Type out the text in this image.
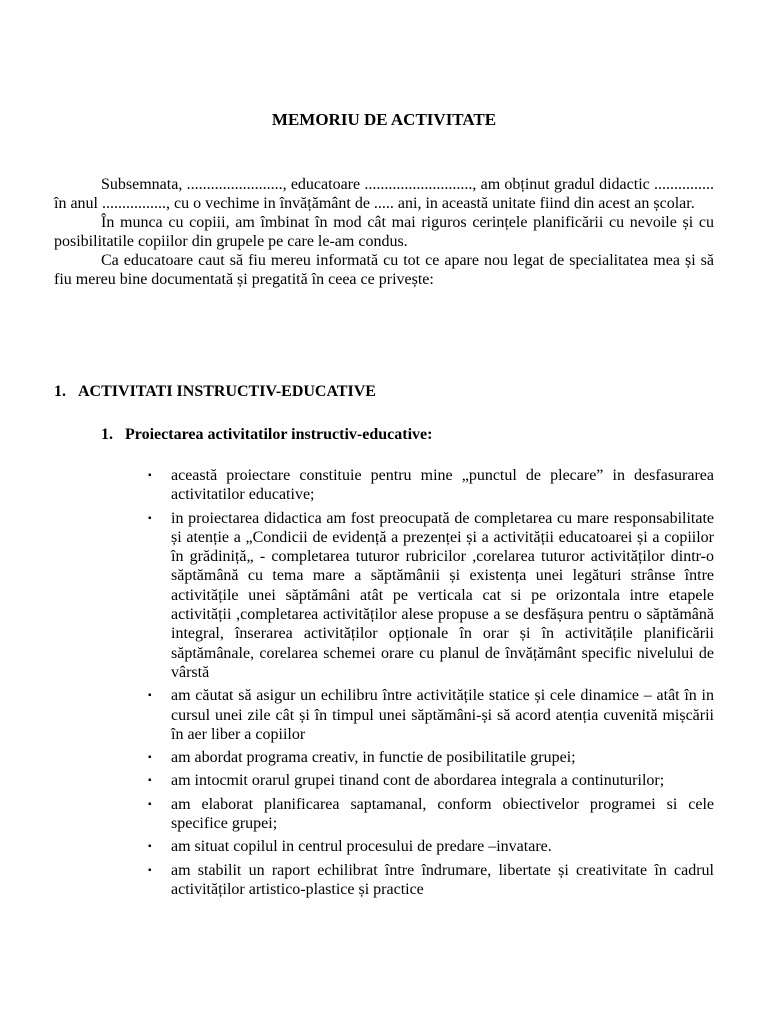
MEMORIU DE ACTIVITATE

Subsemnata, ........................, educatoare ..........................., am obținut gradul didactic ............... în anul ................, cu o vechime in învățământ de ..... ani, in această unitate fiind din acest an școlar.

În munca cu copiii, am îmbinat în mod cât mai riguros cerințele planificării cu nevoile și cu posibilitatile copiilor din grupele pe care le-am condus.

Ca educatoare caut să fiu mereu informată cu tot ce apare nou legat de specialitatea mea și să fiu mereu bine documentată și pregatită în ceea ce privește:

1. ACTIVITATI INSTRUCTIV-EDUCATIVE
1. Proiectarea activitatilor instructiv-educative:
▪ această proiectare constituie pentru mine „punctul de plecare” in desfasurarea activitatilor educative;
▪ in proiectarea didactica am fost preocupată de completarea cu mare responsabilitate și atenție a „Condicii de evidență a prezenței și a activității educatoarei și a copiilor în grădiniță„ - completarea tuturor rubricilor ,corelarea tuturor activităților dintr-o săptămână cu tema mare a săptămânii și existența unei legături strânse între activitățile unei săptămâni atât pe verticala cat si pe orizontala intre etapele activității ,completarea activităților alese propuse a se desfășura pentru o săptămână integral, înserarea activităților opționale în orar și în activitățile planificării săptămânale, corelarea schemei orare cu planul de învățământ specific nivelului de vârstă
▪ am căutat să asigur un echilibru între activitățile statice și cele dinamice – atât în in cursul unei zile cât și în timpul unei săptămâni-și să acord atenția cuvenită mișcării în aer liber a copiilor
▪ am abordat programa creativ, in functie de posibilitatile grupei;
▪ am intocmit orarul grupei tinand cont de abordarea integrala a continuturilor;
▪ am elaborat planificarea saptamanal, conform obiectivelor programei si cele specifice grupei;
▪ am situat copilul in centrul procesului de predare –invatare.
▪ am stabilit un raport echilibrat între îndrumare, libertate și creativitate în cadrul activităților artistico-plastice și practice
